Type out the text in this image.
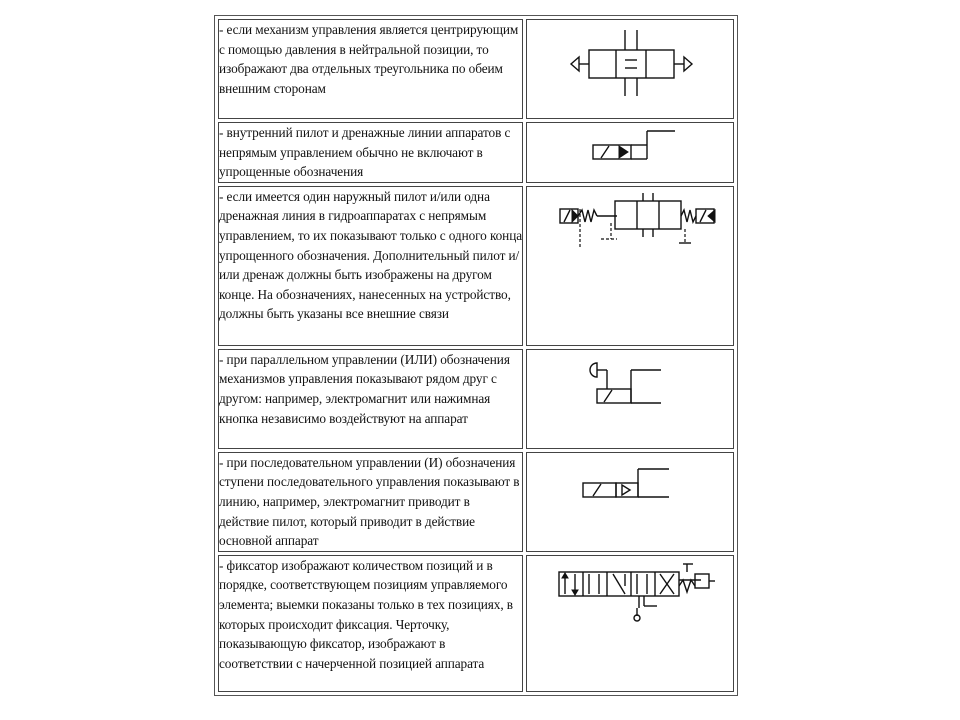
- если механизм управления является центрирующим с помощью давления в нейтральной позиции, то изображают два отдельных треугольника по обеим внешним сторонам	

- внутренний пилот и дренажные линии аппаратов с непрямым управлением обычно не включают в упрощенные обозначения	

- если имеется один наружный пилот и/или одна дренажная линия в гидроаппаратах с непрямым управлением, то их показывают только с одного конца упрощенного обозначения. Дополнительный пилот и/или дренаж должны быть изображены на другом конце. На обозначениях, нанесенных на устройство, должны быть указаны все внешние связи	

- при параллельном управлении (ИЛИ) обозначения механизмов управления показывают рядом друг с другом: например, электромагнит или нажимная кнопка независимо воздействуют на аппарат	

- при последовательном управлении (И) обозначения ступени последовательного управления показывают в линию, например, электромагнит приводит в действие пилот, который приводит в действие основной аппарат	

- фиксатор изображают количеством позиций и в порядке, соответствующем позициям управляемого элемента; выемки показаны только в тех позициях, в которых происходит фиксация. Черточку, показывающую фиксатор, изображают в соответствии с начерченной позицией аппарата	
